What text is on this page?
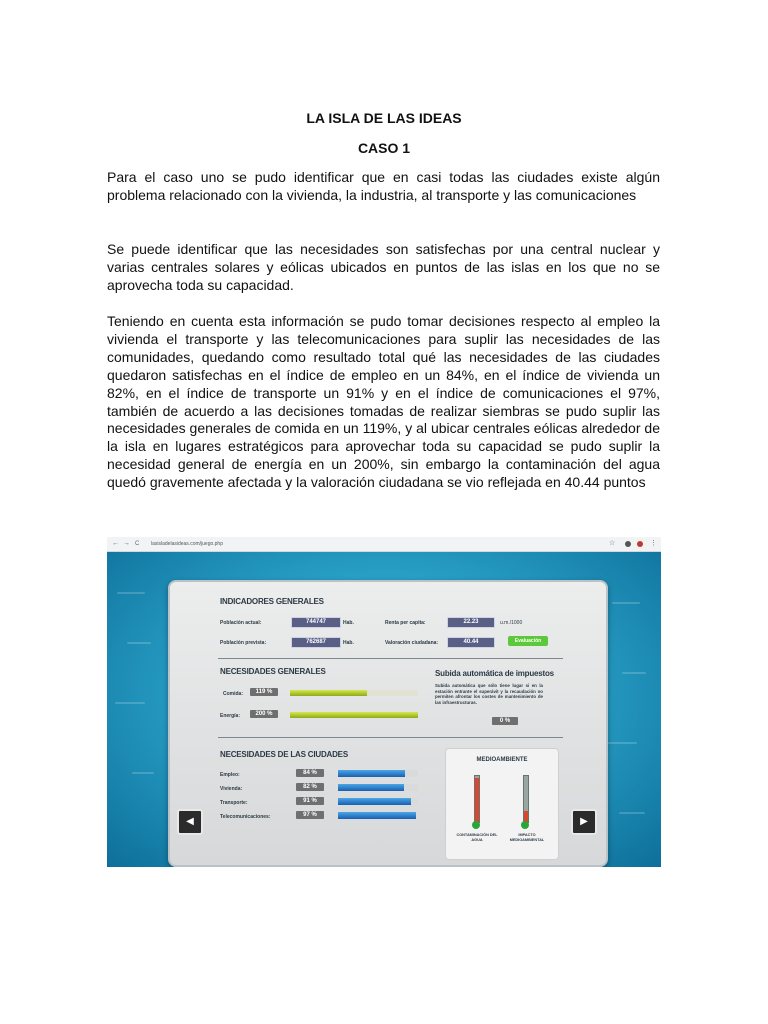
LA ISLA DE LAS IDEAS
CASO 1

Para el caso uno se pudo identificar que en casi todas las ciudades existe algún problema relacionado con la vivienda, la industria, al transporte y las comunicaciones

Se puede identificar que las necesidades son satisfechas por una central nuclear y varias centrales solares y eólicas ubicados en puntos de las islas en los que no se aprovecha toda su capacidad.

Teniendo en cuenta esta información se pudo tomar decisiones respecto al empleo la vivienda el transporte y las telecomunicaciones para suplir las necesidades de las comunidades, quedando como resultado total qué las necesidades de las ciudades quedaron satisfechas en el índice de empleo en un 84%, en el índice de vivienda un 82%, en el índice de transporte un 91% y en el índice de comunicaciones el 97%, también de acuerdo a las decisiones tomadas de realizar siembras se pudo suplir las necesidades generales de comida en un 119%, y al ubicar centrales eólicas alrededor de la isla en lugares estratégicos para aprovechar toda su capacidad se pudo suplir la necesidad general de energía en un 200%, sin embargo la contaminación del agua quedó gravemente afectada y la valoración ciudadana se vio reflejada en 40.44 puntos

← → C lasisladelasideas.com/juego.php	☆	⋮
INDICADORES GENERALES
Población actual:	744747	Hab.
Población prevista:	762687	Hab.
Renta per capita:	22.23	u.m./1000
Valoración ciudadana:	40.44	Evaluación
NECESIDADES GENERALES
Comida:	119 %
Energía:	200 %
Subida automática de impuestos
Subida automática que sólo tiene lugar si en la estación entrante el superávit y la recaudación no permiten afrontar los costes de mantenimiento de las infraestructuras.
0 %
NECESIDADES DE LAS CIUDADES
Empleo:	84 %
Vivienda:	82 %
Transporte:	91 %
Telecomunicaciones:	97 %
MEDIOAMBIENTE
CONTAMINACIÓN DEL AGUA
IMPACTO MEDIOAMBIENTAL
◀	▶
